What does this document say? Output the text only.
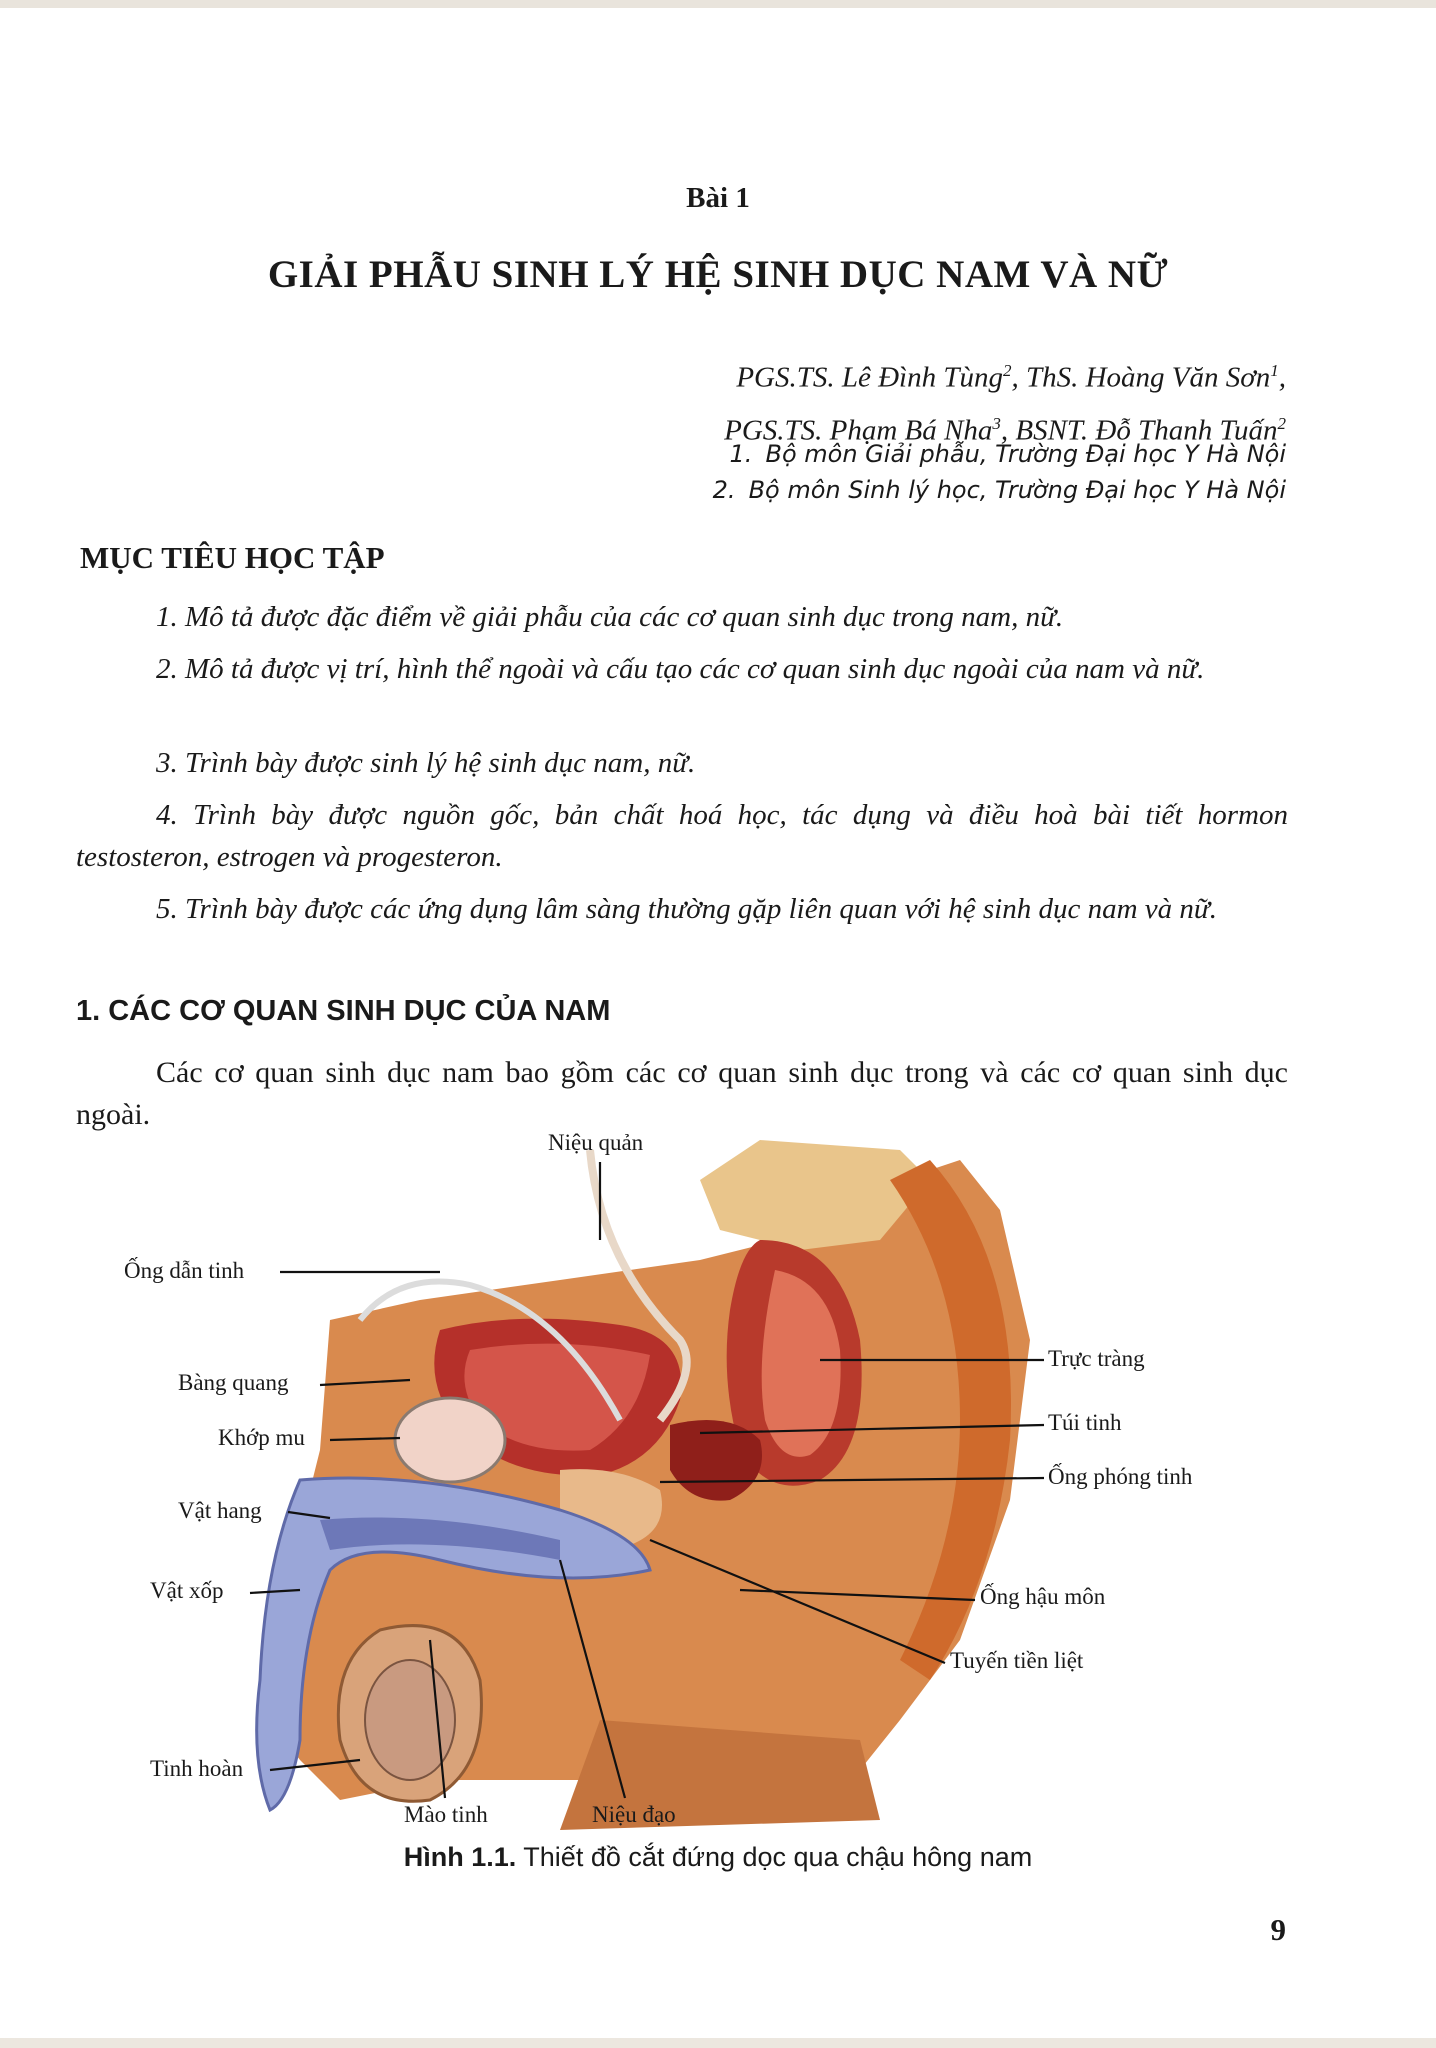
Bài 1
GIẢI PHẪU SINH LÝ HỆ SINH DỤC NAM VÀ NỮ
PGS.TS. Lê Đình Tùng$^2$, ThS. Hoàng Văn Sơn$^1$,
PGS.TS. Phạm Bá Nha$^3$, BSNT. Đỗ Thanh Tuấn$^2$
1. Bộ môn Giải phẫu, Trường Đại học Y Hà Nội
2. Bộ môn Sinh lý học, Trường Đại học Y Hà Nội
MỤC TIÊU HỌC TẬP

1. Mô tả được đặc điểm về giải phẫu của các cơ quan sinh dục trong nam, nữ.

2. Mô tả được vị trí, hình thể ngoài và cấu tạo các cơ quan sinh dục ngoài của nam và nữ.

3. Trình bày được sinh lý hệ sinh dục nam, nữ.

4. Trình bày được nguồn gốc, bản chất hoá học, tác dụng và điều hoà bài tiết hormon testosteron, estrogen và progesteron.

5. Trình bày được các ứng dụng lâm sàng thường gặp liên quan với hệ sinh dục nam và nữ.

1. CÁC CƠ QUAN SINH DỤC CỦA NAM

Các cơ quan sinh dục nam bao gồm các cơ quan sinh dục trong và các cơ quan sinh dục ngoài.

Niệu quản
Ống dẫn tinh
Bàng quang
Khớp mu
Vật hang
Vật xốp
Tinh hoàn
Mào tinh	Niệu đạo
Trực tràng
Túi tinh
Ống phóng tinh
Ống hậu môn
Tuyến tiền liệt
Hình 1.1. Thiết đồ cắt đứng dọc qua chậu hông nam
9
